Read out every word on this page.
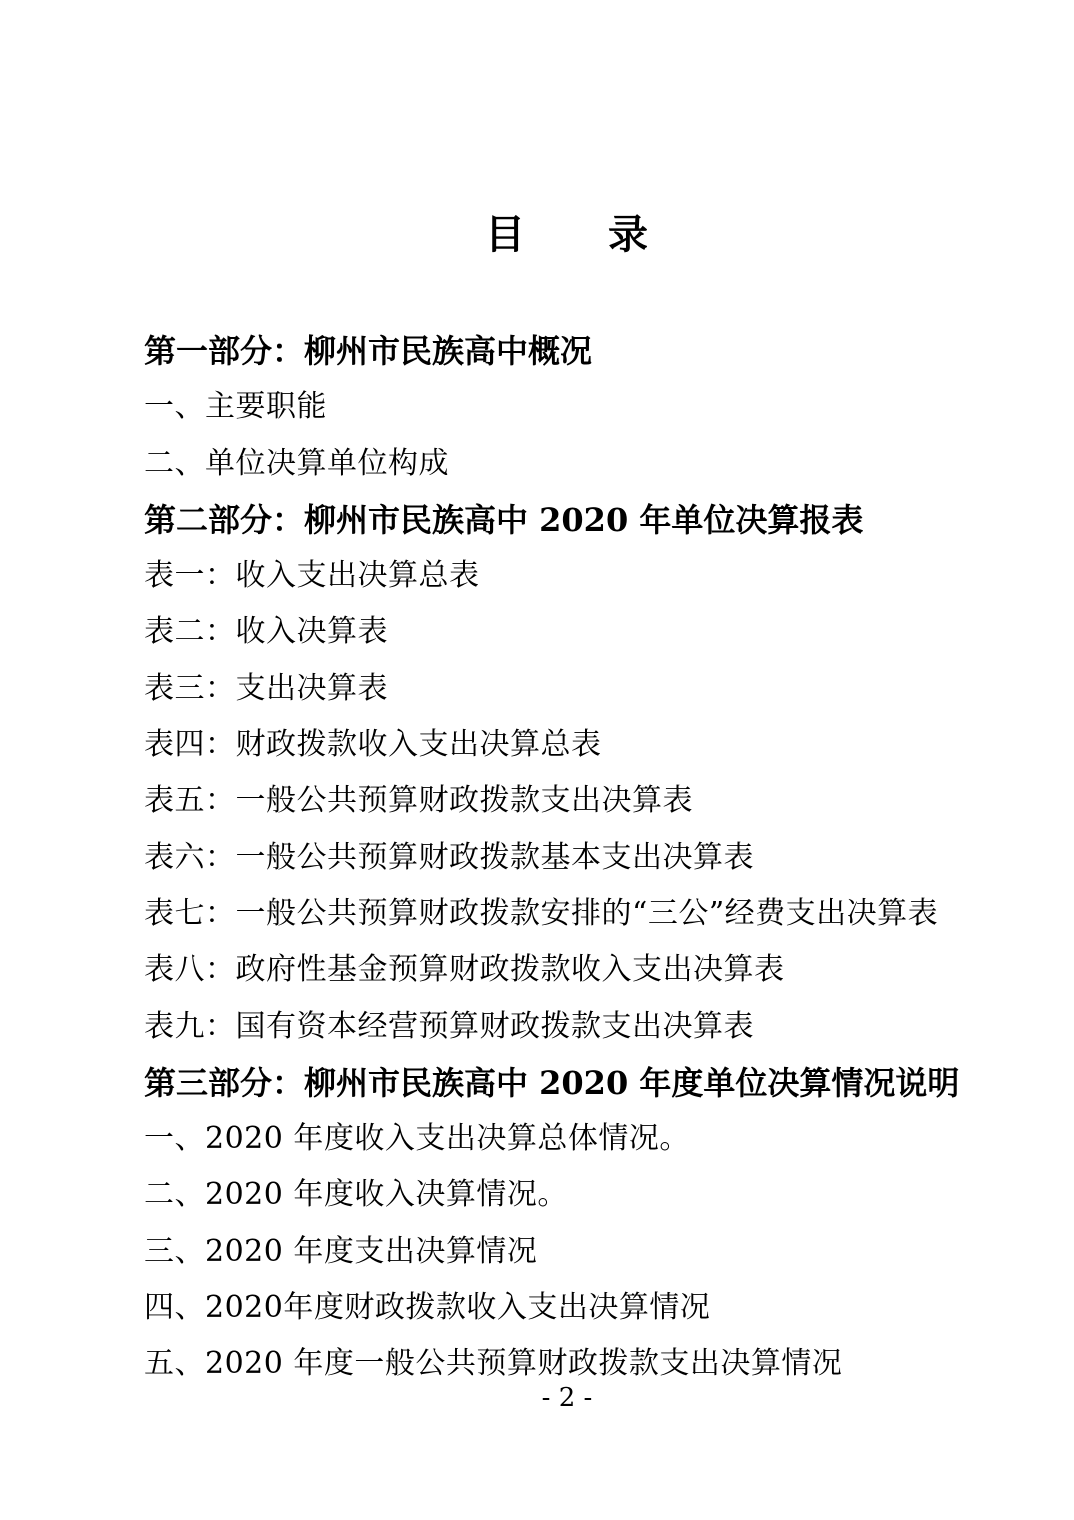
目　　录
第一部分：柳州市民族高中概况
一、主要职能
二、单位决算单位构成
第二部分：柳州市民族高中 2020 年单位决算报表
表一：收入支出决算总表
表二：收入决算表
表三：支出决算表
表四：财政拨款收入支出决算总表
表五：一般公共预算财政拨款支出决算表
表六：一般公共预算财政拨款基本支出决算表
表七：一般公共预算财政拨款安排的“三公”经费支出决算表
表八：政府性基金预算财政拨款收入支出决算表
表九：国有资本经营预算财政拨款支出决算表
第三部分：柳州市民族高中 2020 年度单位决算情况说明
一、2020 年度收入支出决算总体情况。
二、2020 年度收入决算情况。
三、2020 年度支出决算情况
四、2020年度财政拨款收入支出决算情况
五、2020 年度一般公共预算财政拨款支出决算情况
- 2 -
